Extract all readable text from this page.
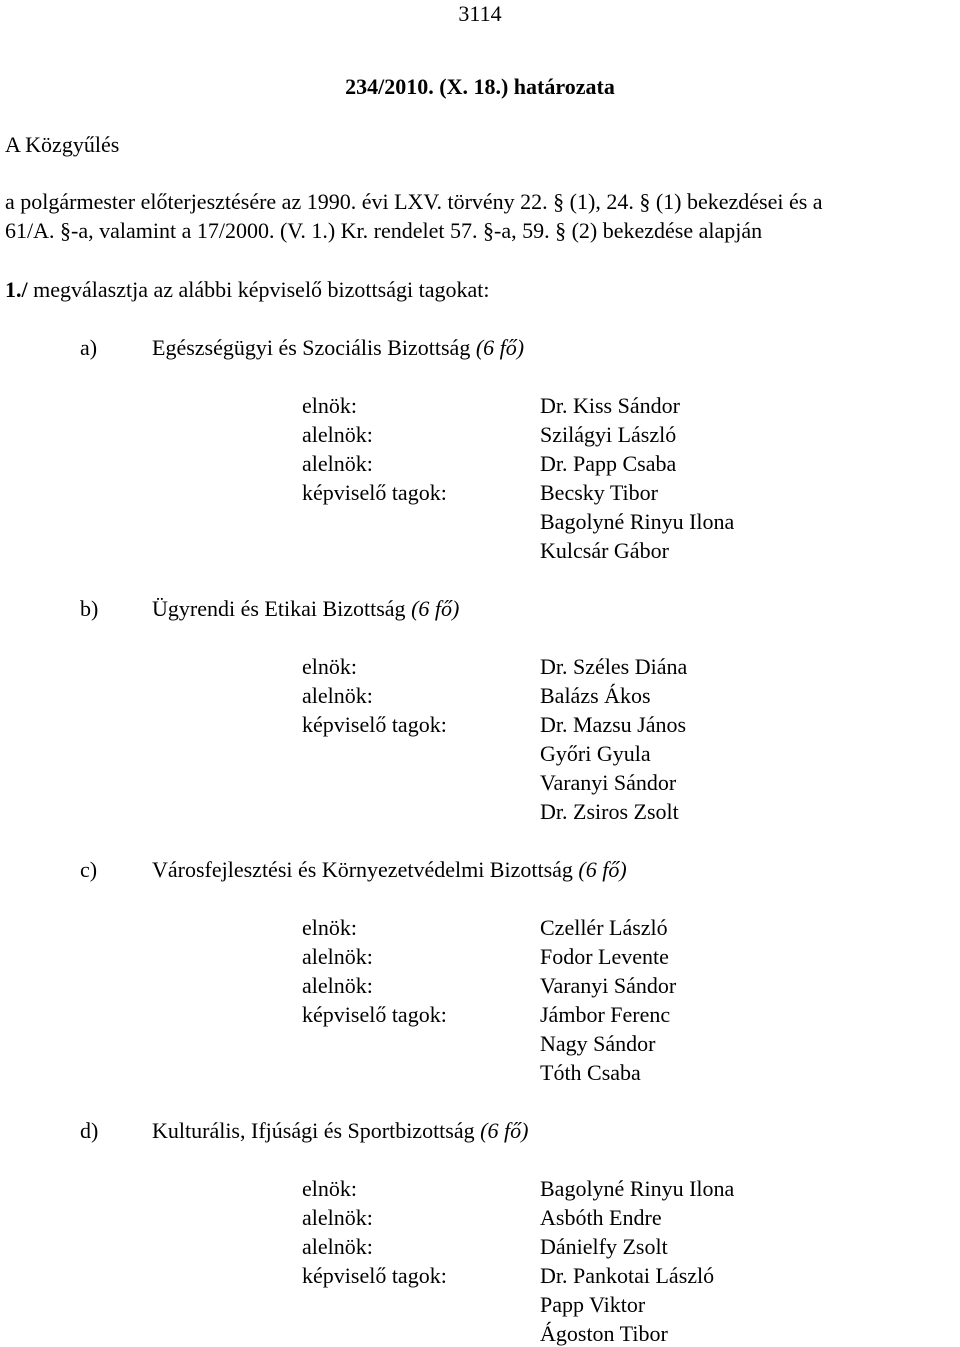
3114
234/2010. (X. 18.) határozata
A Közgyűlés
a polgármester előterjesztésére az 1990. évi LXV. törvény 22. § (1), 24. § (1) bekezdései és a
61/A. §-a, valamint a 17/2000. (V. 1.) Kr. rendelet 57. §-a, 59. § (2) bekezdése alapján
1./ megválasztja az alábbi képviselő bizottsági tagokat:
a) Egészségügyi és Szociális Bizottság (6 fő)
elnök:
alelnök:
alelnök:
képviselő tagok:
Dr. Kiss Sándor
Szilágyi László
Dr. Papp Csaba
Becsky Tibor
Bagolyné Rinyu Ilona
Kulcsár Gábor
b) Ügyrendi és Etikai Bizottság (6 fő)
elnök:
alelnök:
képviselő tagok:
Dr. Széles Diána
Balázs Ákos
Dr. Mazsu János
Győri Gyula
Varanyi Sándor
Dr. Zsiros Zsolt
c) Városfejlesztési és Környezetvédelmi Bizottság (6 fő)
elnök:
alelnök:
alelnök:
képviselő tagok:
Czellér László
Fodor Levente
Varanyi Sándor
Jámbor Ferenc
Nagy Sándor
Tóth Csaba
d) Kulturális, Ifjúsági és Sportbizottság (6 fő)
elnök:
alelnök:
alelnök:
képviselő tagok:
Bagolyné Rinyu Ilona
Asbóth Endre
Dánielfy Zsolt
Dr. Pankotai László
Papp Viktor
Ágoston Tibor
